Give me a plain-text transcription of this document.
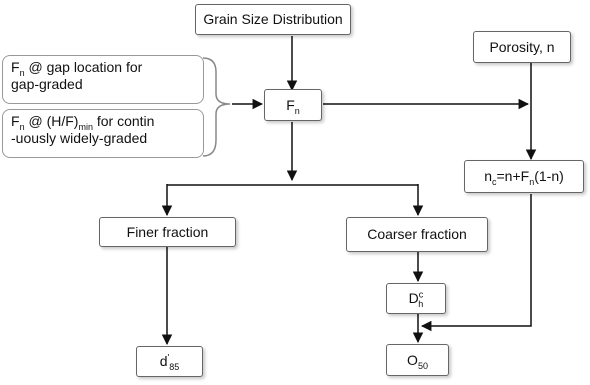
Grain Size Distribution
Porosity, n
$F_n$ @ gap location for
gap-graded
$F_n$ @ $(H/F)_{min}$ for contin
-uously widely-graded
$F_n$
$n_c=n+F_n(1-n)$
Finer fraction	Coarser fraction
$D^c_h$
$d'_{85}$	$O_{50}$
